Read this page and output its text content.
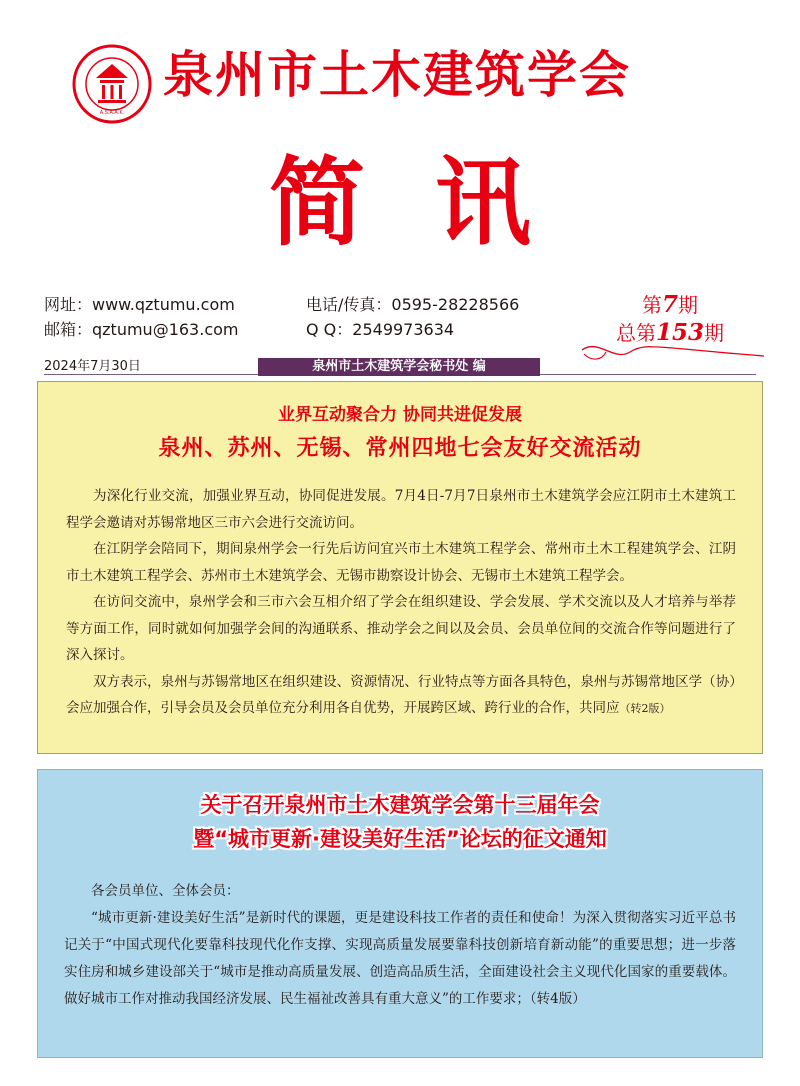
A.S.A.A.K.
泉州市土木建筑学会
简讯
网址：www.qztumu.com
邮箱：qztumu@163.com
电话/传真：0595-28228566
Q Q：2549973634
第7期
总第153期
2024年7月30日	泉州市土木建筑学会秘书处 编
业界互动聚合力 协同共进促发展
泉州、苏州、无锡、常州四地七会友好交流活动

为深化行业交流，加强业界互动，协同促进发展。7月4日-7月7日泉州市土木建筑学会应江阴市土木建筑工程学会邀请对苏锡常地区三市六会进行交流访问。

在江阴学会陪同下，期间泉州学会一行先后访问宜兴市土木建筑工程学会、常州市土木工程建筑学会、江阴市土木建筑工程学会、苏州市土木建筑学会、无锡市勘察设计协会、无锡市土木建筑工程学会。

在访问交流中，泉州学会和三市六会互相介绍了学会在组织建设、学会发展、学术交流以及人才培养与举荐等方面工作，同时就如何加强学会间的沟通联系、推动学会之间以及会员、会员单位间的交流合作等问题进行了深入探讨。

双方表示，泉州与苏锡常地区在组织建设、资源情况、行业特点等方面各具特色，泉州与苏锡常地区学（协）会应加强合作，引导会员及会员单位充分利用各自优势，开展跨区域、跨行业的合作，共同应（转2版）

关于召开泉州市土木建筑学会第十三届年会
暨“城市更新·建设美好生活”论坛的征文通知

各会员单位、全体会员：

“城市更新·建设美好生活”是新时代的课题，更是建设科技工作者的责任和使命！为深入贯彻落实习近平总书记关于“中国式现代化要靠科技现代化作支撑、实现高质量发展要靠科技创新培育新动能”的重要思想；进一步落实住房和城乡建设部关于“城市是推动高质量发展、创造高品质生活，全面建设社会主义现代化国家的重要载体。做好城市工作对推动我国经济发展、民生福祉改善具有重大意义”的工作要求；（转4版）
